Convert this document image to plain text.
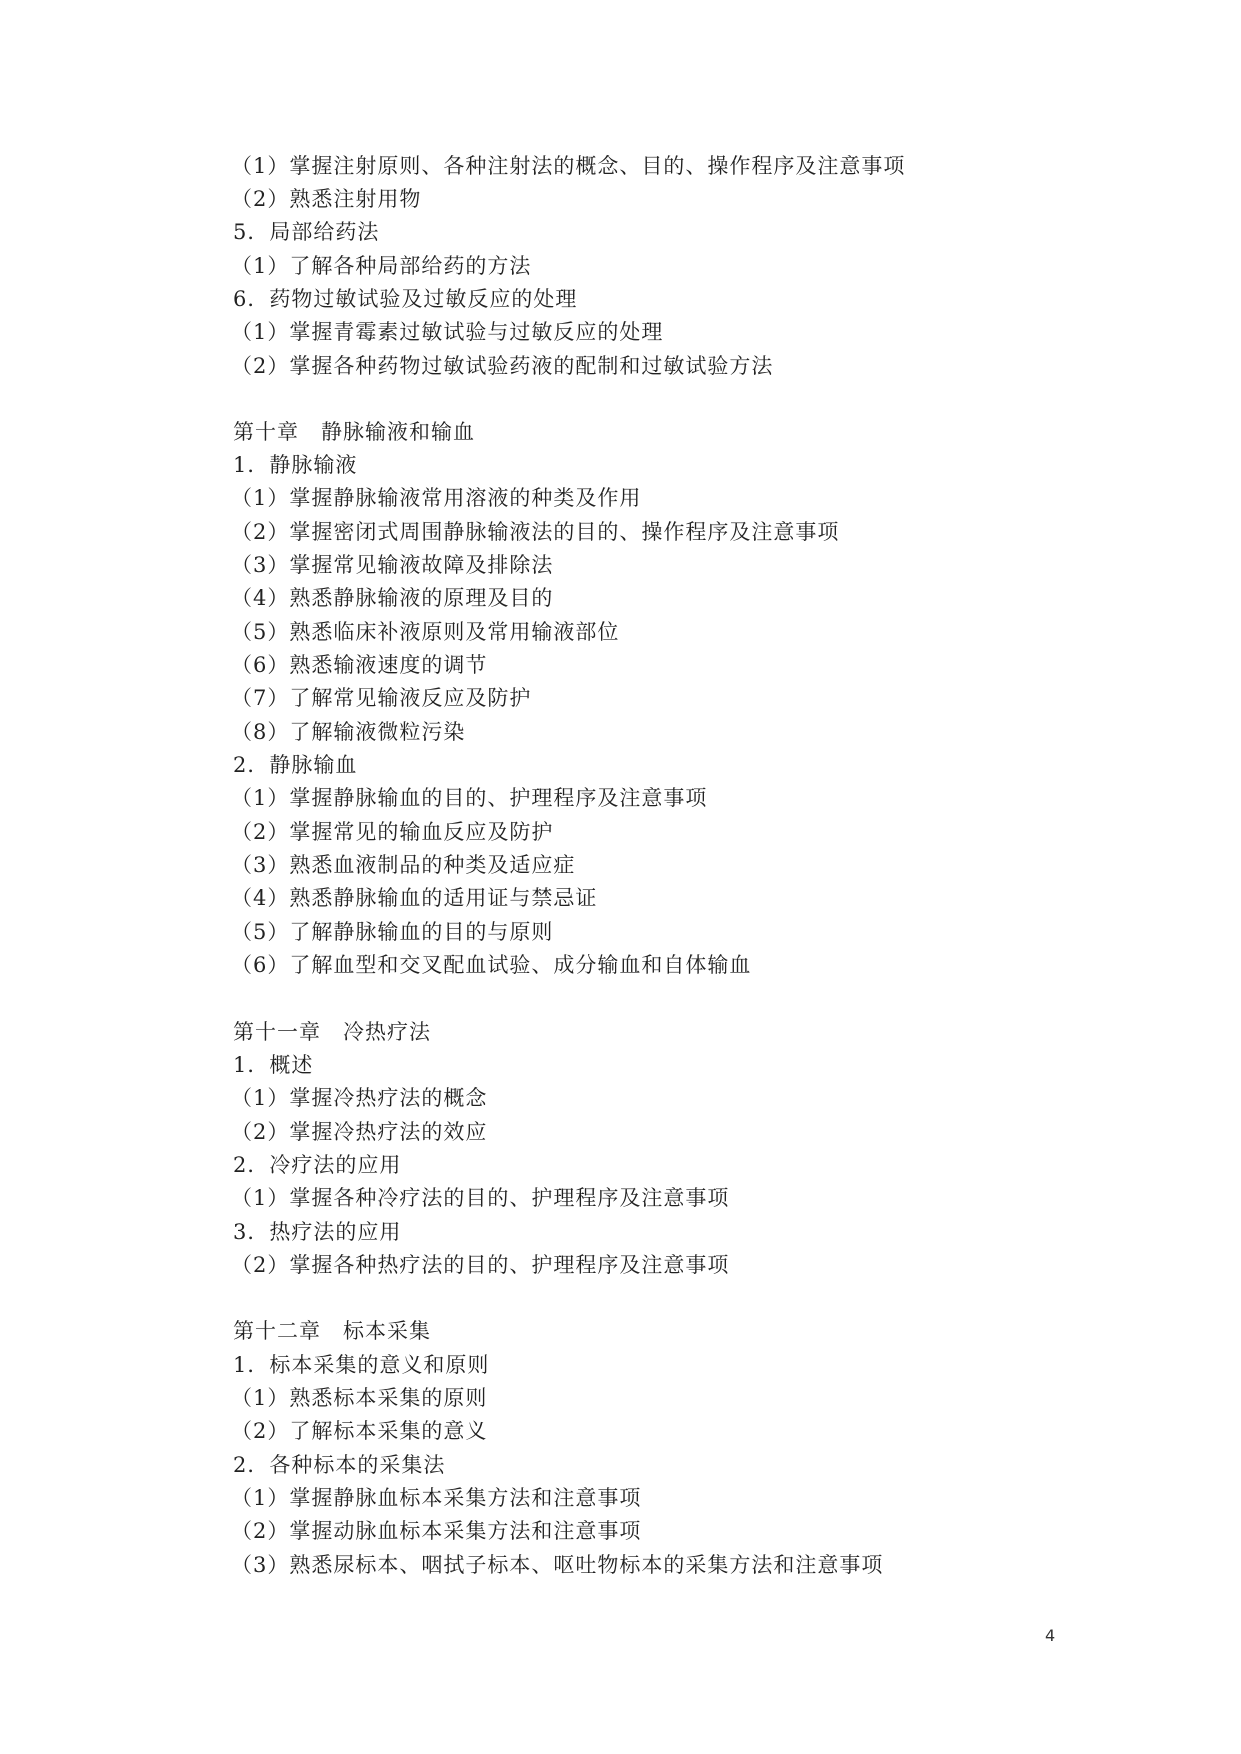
（1）掌握注射原则、各种注射法的概念、目的、操作程序及注意事项
（2）熟悉注射用物
5．局部给药法
（1）了解各种局部给药的方法
6．药物过敏试验及过敏反应的处理
（1）掌握青霉素过敏试验与过敏反应的处理
（2）掌握各种药物过敏试验药液的配制和过敏试验方法
第十章　静脉输液和输血
1．静脉输液
（1）掌握静脉输液常用溶液的种类及作用
（2）掌握密闭式周围静脉输液法的目的、操作程序及注意事项
（3）掌握常见输液故障及排除法
（4）熟悉静脉输液的原理及目的
（5）熟悉临床补液原则及常用输液部位
（6）熟悉输液速度的调节
（7）了解常见输液反应及防护
（8）了解输液微粒污染
2．静脉输血
（1）掌握静脉输血的目的、护理程序及注意事项
（2）掌握常见的输血反应及防护
（3）熟悉血液制品的种类及适应症
（4）熟悉静脉输血的适用证与禁忌证
（5）了解静脉输血的目的与原则
（6）了解血型和交叉配血试验、成分输血和自体输血
第十一章　冷热疗法
1．概述
（1）掌握冷热疗法的概念
（2）掌握冷热疗法的效应
2．冷疗法的应用
（1）掌握各种冷疗法的目的、护理程序及注意事项
3．热疗法的应用
（2）掌握各种热疗法的目的、护理程序及注意事项
第十二章　标本采集
1．标本采集的意义和原则
（1）熟悉标本采集的原则
（2）了解标本采集的意义
2．各种标本的采集法
（1）掌握静脉血标本采集方法和注意事项
（2）掌握动脉血标本采集方法和注意事项
（3）熟悉尿标本、咽拭子标本、呕吐物标本的采集方法和注意事项
4
